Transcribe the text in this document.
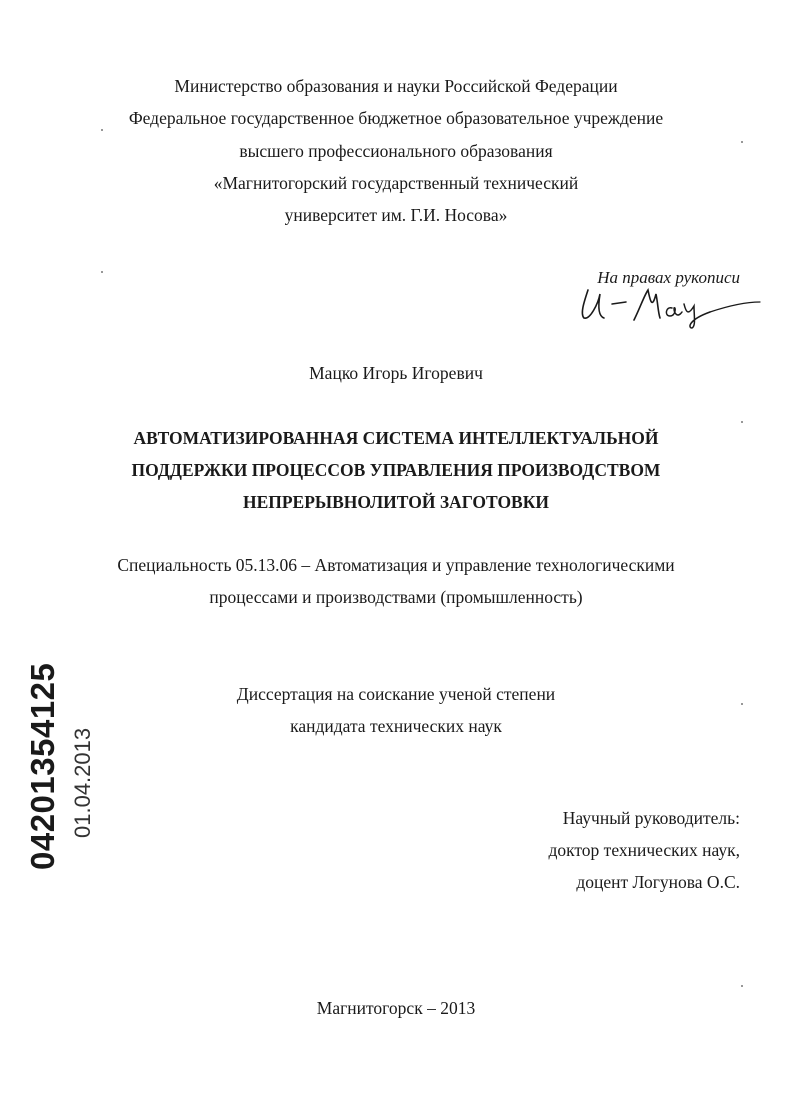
Министерство образования и науки Российской Федерации
Федеральное государственное бюджетное образовательное учреждение
высшего профессионального образования
«Магнитогорский государственный технический
университет им. Г.И. Носова»
На правах рукописи
Мацко Игорь Игоревич
АВТОМАТИЗИРОВАННАЯ СИСТЕМА ИНТЕЛЛЕКТУАЛЬНОЙ
ПОДДЕРЖКИ ПРОЦЕССОВ УПРАВЛЕНИЯ ПРОИЗВОДСТВОМ
НЕПРЕРЫВНОЛИТОЙ ЗАГОТОВКИ
Специальность 05.13.06 – Автоматизация и управление технологическими
процессами и производствами (промышленность)
Диссертация на соискание ученой степени
кандидата технических наук
Научный руководитель:
доктор технических наук,
доцент Логунова О.С.
Магнитогорск – 2013
04201354125 01.04.2013
